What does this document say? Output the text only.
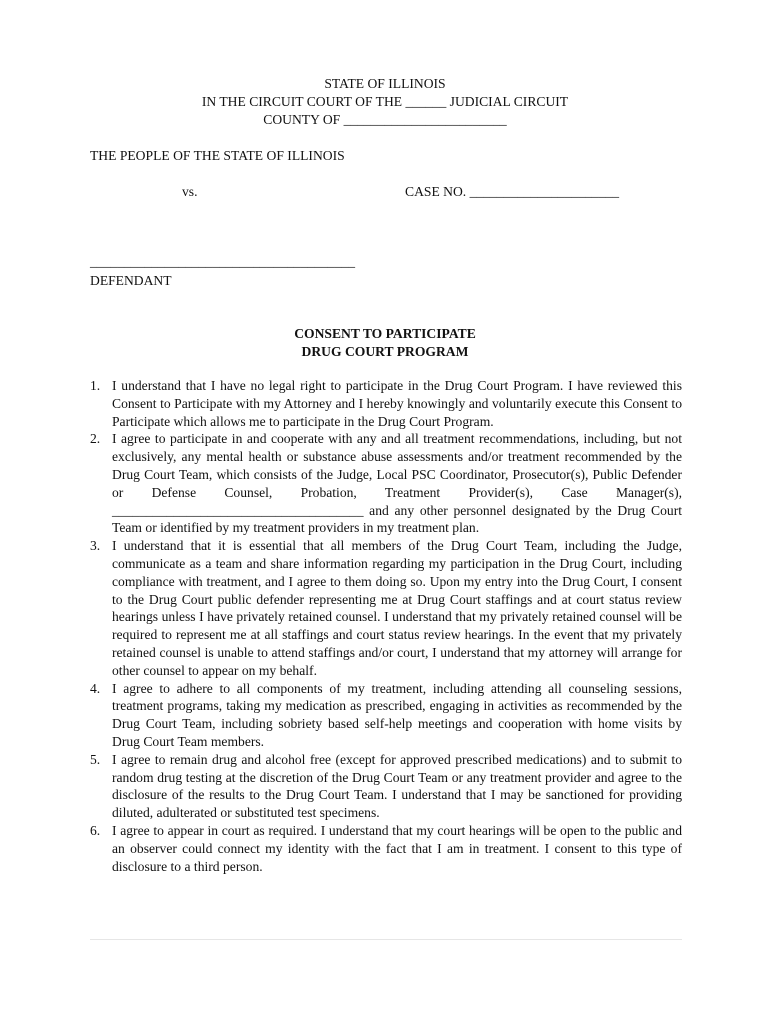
STATE OF ILLINOIS
IN THE CIRCUIT COURT OF THE ______ JUDICIAL CIRCUIT
COUNTY OF ________________________
THE PEOPLE OF THE STATE OF ILLINOIS
vs.	CASE NO. ______________________
_______________________________________
DEFENDANT
CONSENT TO PARTICIPATE
DRUG COURT PROGRAM
1. I understand that I have no legal right to participate in the Drug Court Program. I have reviewed this Consent to Participate with my Attorney and I hereby knowingly and voluntarily execute this Consent to Participate which allows me to participate in the Drug Court Program.
2. I agree to participate in and cooperate with any and all treatment recommendations, including, but not exclusively, any mental health or substance abuse assessments and/or treatment recommended by the Drug Court Team, which consists of the Judge, Local PSC Coordinator, Prosecutor(s), Public Defender or Defense Counsel, Probation, Treatment Provider(s), Case Manager(s), _____________________________________ and any other personnel designated by the Drug Court Team or identified by my treatment providers in my treatment plan.
3. I understand that it is essential that all members of the Drug Court Team, including the Judge, communicate as a team and share information regarding my participation in the Drug Court, including compliance with treatment, and I agree to them doing so. Upon my entry into the Drug Court, I consent to the Drug Court public defender representing me at Drug Court staffings and at court status review hearings unless I have privately retained counsel. I understand that my privately retained counsel will be required to represent me at all staffings and court status review hearings. In the event that my privately retained counsel is unable to attend staffings and/or court, I understand that my attorney will arrange for other counsel to appear on my behalf.
4. I agree to adhere to all components of my treatment, including attending all counseling sessions, treatment programs, taking my medication as prescribed, engaging in activities as recommended by the Drug Court Team, including sobriety based self-help meetings and cooperation with home visits by Drug Court Team members.
5. I agree to remain drug and alcohol free (except for approved prescribed medications) and to submit to random drug testing at the discretion of the Drug Court Team or any treatment provider and agree to the disclosure of the results to the Drug Court Team. I understand that I may be sanctioned for providing diluted, adulterated or substituted test specimens.
6. I agree to appear in court as required. I understand that my court hearings will be open to the public and an observer could connect my identity with the fact that I am in treatment. I consent to this type of disclosure to a third person.
